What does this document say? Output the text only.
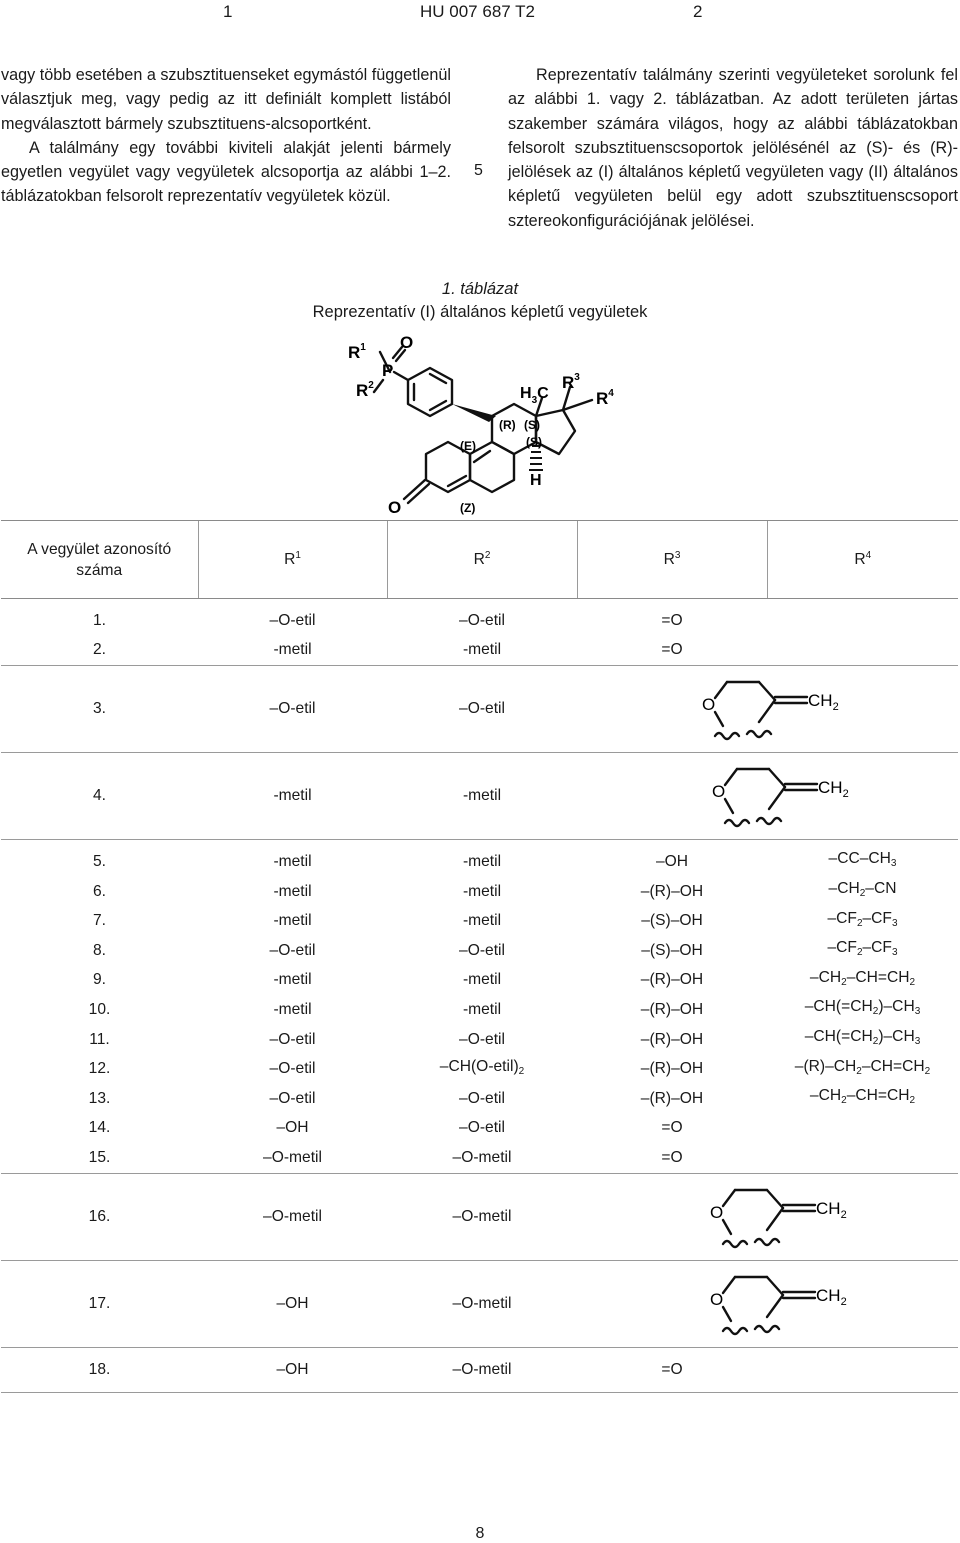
1	HU 007 687 T2	2

vagy több esetében a szubsztituenseket egymástól függetlenül választjuk meg, vagy pedig az itt definiált komplett listából megválasztott bármely szubsztituens-alcsoportként.

A találmány egy további kiviteli alakját jelenti bármely egyetlen vegyület vagy vegyületek alcsoportja az alábbi 1–2. táblázatokban felsorolt reprezentatív vegyületek közül.

5

Reprezentatív találmány szerinti vegyületeket sorolunk fel az alábbi 1. vagy 2. táblázatban. Az adott területen jártas szakember számára világos, hogy az alábbi táblázatokban felsorolt szubsztituenscsoportok jelölésénél az (S)- és (R)- jelölések az (I) általános képletű vegyületen vagy (II) általános képletű vegyületen belül egy adott szubsztituenscsoport sztereokonfigurációjának jelölései.

1. táblázat
Reprezentatív (I) általános képletű vegyületek
$R^1$
P
O
$R^2$	$H_3C$
$R^3$
$R^4$
(R) (S)
(S)
(E)
(Z)
H
O
A vegyület azonosító száma	$R^1$	$R^2$	$R^3$	$R^4$
1.	–O-etil	–O-etil	=O	
2.	-metil	-metil	=O	
3.	–O-etil	–O-etil	O $CH_2$

4.	-metil	-metil	O $CH_2$

5.	-metil	-metil	–OH	$-CC-CH_3$
6.	-metil	-metil	–(R)–OH	$-CH_2-CN$
7.	-metil	-metil	–(S)–OH	$-CF_2-CF_3$
8.	–O-etil	–O-etil	–(S)–OH	$-CF_2-CF_3$
9.	-metil	-metil	–(R)–OH	$-CH_2-CH=CH_2$
10.	-metil	-metil	–(R)–OH	$-CH(=CH_2)-CH_3$
11.	–O-etil	–O-etil	–(R)–OH	$-CH(=CH_2)-CH_3$
12.	–O-etil	$-CH(O-etil)_2$	–(R)–OH	$-(R)-CH_2-CH=CH_2$
13.	–O-etil	–O-etil	–(R)–OH	$-CH_2-CH=CH_2$
14.	–OH	–O-etil	=O	
15.	–O-metil	–O-metil	=O	
16.	–O-metil	–O-metil	O $CH_2$

17.	–OH	–O-metil	O $CH_2$

18.	–OH	–O-metil	=O	
8
